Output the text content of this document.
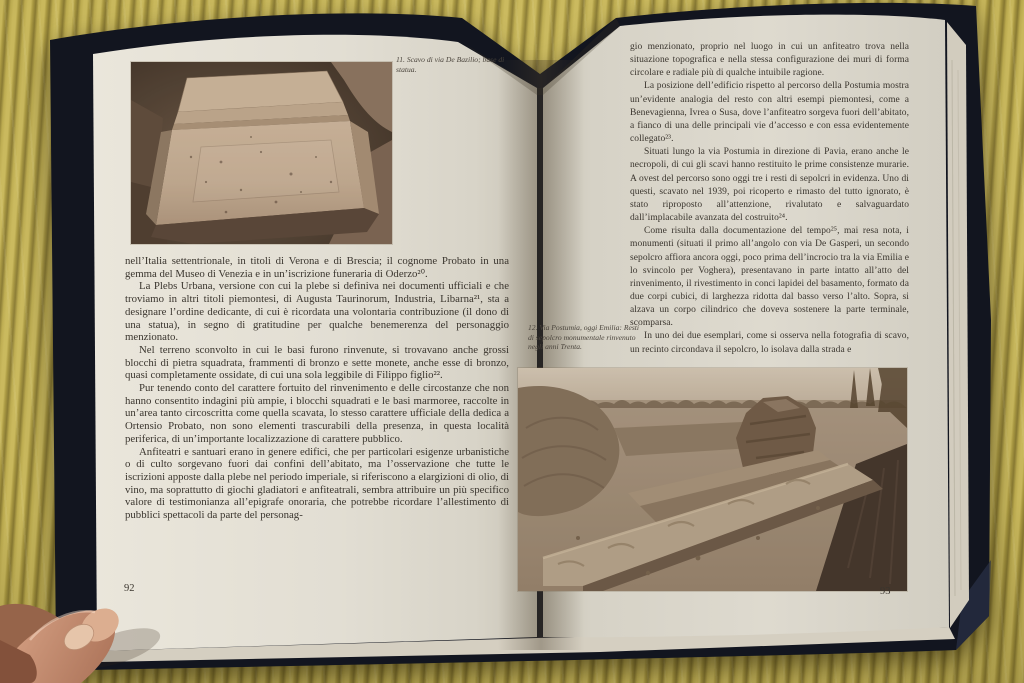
11. Scavo di via De Bazilio; base di statua.
12. Via Postumia, oggi Emilia: Resti di sepolcro monumentale rinvenuto negli anni Trenta.

nell’Italia settentrionale, in titoli di Verona e di Brescia; il cognome Probato in una gemma del Museo di Venezia e in un’iscrizione funeraria di Oderzo²⁰.

La Plebs Urbana, versione con cui la plebe si definiva nei documenti ufficiali e che troviamo in altri titoli piemontesi, di Augusta Taurinorum, Industria, Libarna²¹, sta a designare l’ordine dedicante, di cui è ricordata una volontaria contribuzione (il dono di una statua), in segno di gratitudine per qualche benemerenza del personaggio menzionato.

Nel terreno sconvolto in cui le basi furono rinvenute, si trovavano anche grossi blocchi di pietra squadrata, frammenti di bronzo e sette monete, anche esse di bronzo, quasi completamente ossidate, di cui una sola leggibile di Filippo figlio²².

Pur tenendo conto del carattere fortuito del rinvenimento e delle circostanze che non hanno consentito indagini più ampie, i blocchi squadrati e le basi marmoree, raccolte in un’area tanto circoscritta come quella scavata, lo stesso carattere ufficiale della dedica a Ortensio Probato, non sono elementi trascurabili della presenza, in questa località periferica, di un’importante localizzazione di carattere pubblico.

Anfiteatri e santuari erano in genere edifici, che per particolari esigenze urbanistiche o di culto sorgevano fuori dai confini dell’abitato, ma l’osservazione che tutte le iscrizioni apposte dalla plebe nel periodo imperiale, si riferiscono a elargizioni di olio, di vino, ma soprattutto di giochi gladiatori e anfiteatrali, sembra attribuire un più specifico valore di testimonianza all’epigrafe onoraria, che potrebbe ricordare l’allestimento di pubblici spettacoli da parte del personag-

gio menzionato, proprio nel luogo in cui un anfiteatro trova nella situazione topografica e nella stessa configurazione dei muri di forma circolare e radiale più di qualche intuibile ragione.

La posizione dell’edificio rispetto al percorso della Postumia mostra un’evidente analogia del resto con altri esempi piemontesi, come a Benevagienna, Ivrea o Susa, dove l’anfiteatro sorgeva fuori dell’abitato, a fianco di una delle principali vie d’accesso e con essa evidentemente collegato²³.

Situati lungo la via Postumia in direzione di Pavia, erano anche le necropoli, di cui gli scavi hanno restituito le prime consistenze murarie. A ovest del percorso sono oggi tre i resti di sepolcri in evidenza. Uno di questi, scavato nel 1939, poi ricoperto e rimasto del tutto ignorato, è stato riproposto all’attenzione, rivalutato e salvaguardato dall’implacabile avanzata del costruito²⁴.

Come risulta dalla documentazione del tempo²⁵, mai resa nota, i monumenti (situati il primo all’angolo con via De Gasperi, un secondo sepolcro affiora ancora oggi, poco prima dell’incrocio tra la via Emilia e lo svincolo per Voghera), presentavano in parte intatto all’atto del rinvenimento, il rivestimento in conci lapidei del basamento, formato da due corpi cubici, di larghezza ridotta dal basso verso l’alto. Sopra, si alzava un corpo cilindrico che doveva sostenere la parte terminale, scomparsa.

In uno dei due esemplari, come si osserva nella fotografia di scavo, un recinto circondava il sepolcro, lo isolava dalla strada e

92	93
